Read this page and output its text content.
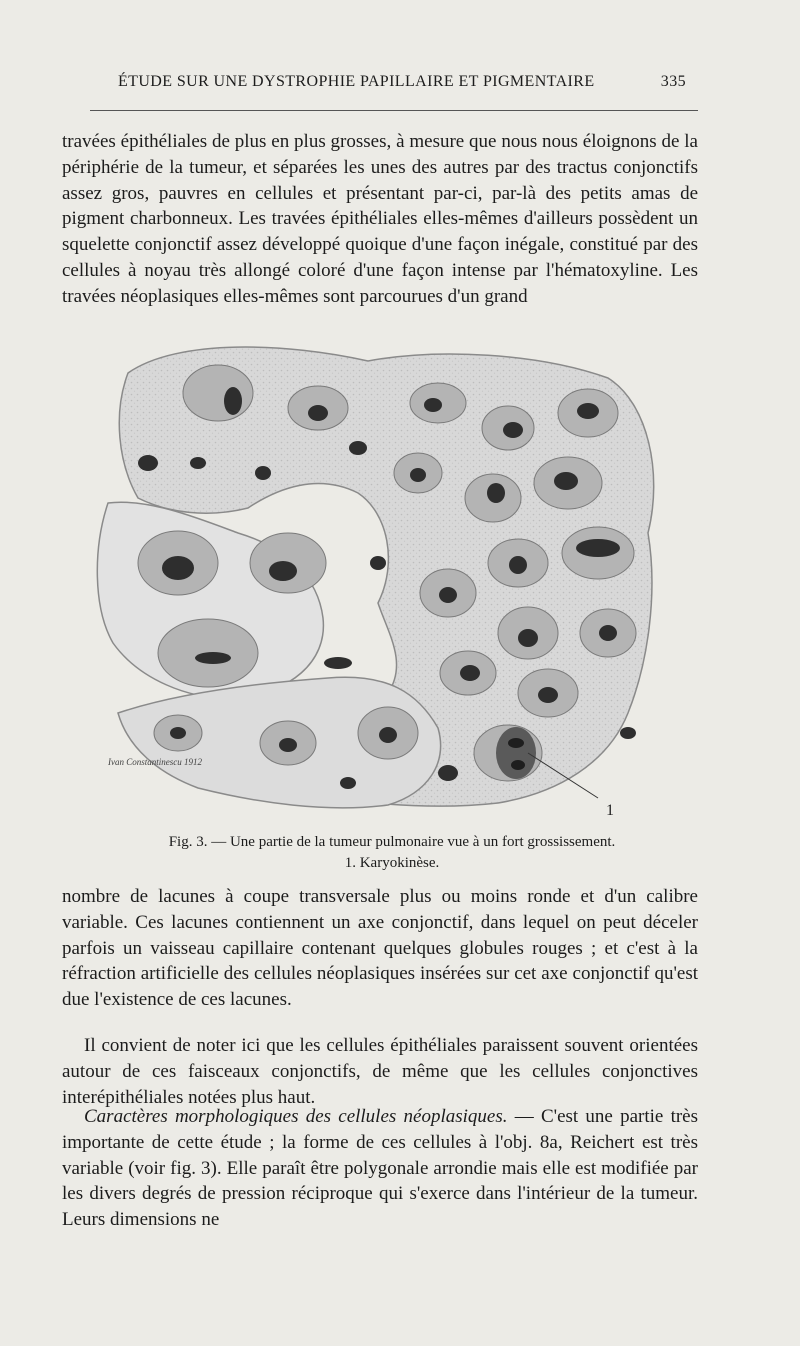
ÉTUDE SUR UNE DYSTROPHIE PAPILLAIRE ET PIGMENTAIRE	335

travées épithéliales de plus en plus grosses, à mesure que nous nous éloignons de la périphérie de la tumeur, et séparées les unes des autres par des tractus conjonctifs assez gros, pauvres en cellules et présentant par-ci, par-là des petits amas de pigment charbonneux. Les travées épithéliales elles-mêmes d'ailleurs possèdent un squelette conjonctif assez développé quoique d'une façon inégale, constitué par des cellules à noyau très allongé coloré d'une façon intense par l'hématoxyline. Les travées néoplasiques elles-mêmes sont parcourues d'un grand

1
Ivan Constantinescu 1912

Fig. 3. — Une partie de la tumeur pulmonaire vue à un fort grossissement.
1. Karyokinèse.

nombre de lacunes à coupe transversale plus ou moins ronde et d'un calibre variable. Ces lacunes contiennent un axe conjonctif, dans lequel on peut déceler parfois un vaisseau capillaire contenant quelques globules rouges ; et c'est à la réfraction artificielle des cellules néoplasiques insérées sur cet axe conjonctif qu'est due l'existence de ces lacunes.

Il convient de noter ici que les cellules épithéliales paraissent souvent orientées autour de ces faisceaux conjonctifs, de même que les cellules conjonctives interépithéliales notées plus haut.

Caractères morphologiques des cellules néoplasiques. — C'est une partie très importante de cette étude ; la forme de ces cellules à l'obj. 8a, Reichert est très variable (voir fig. 3). Elle paraît être polygonale arrondie mais elle est modifiée par les divers degrés de pression réciproque qui s'exerce dans l'intérieur de la tumeur. Leurs dimensions ne
